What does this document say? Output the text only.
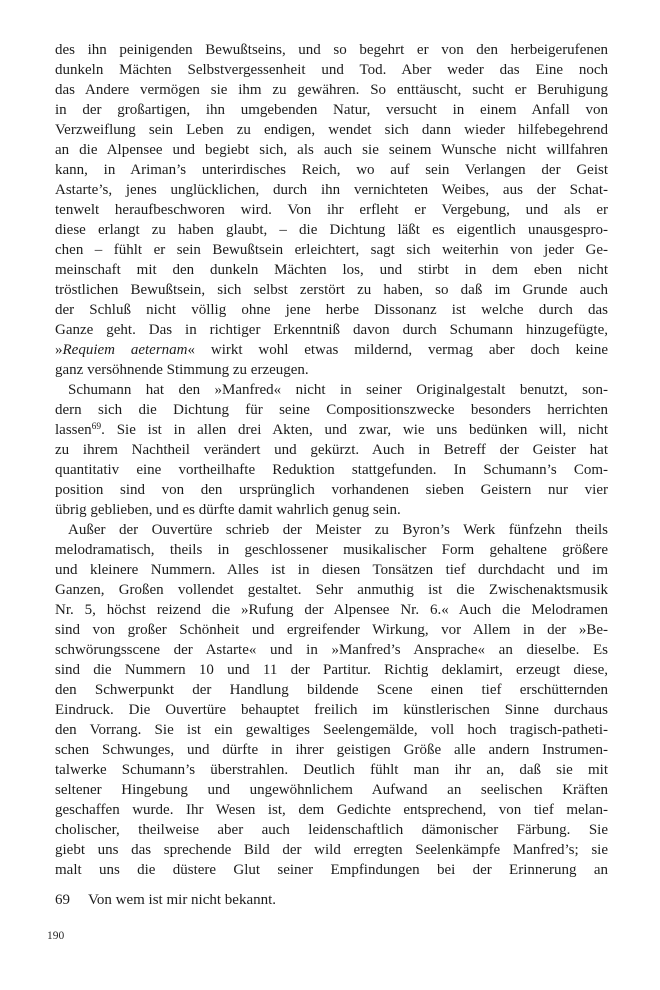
des ihn peinigenden Bewußtseins, und so begehrt er von den herbeigerufenen
dunkeln Mächten Selbstvergessenheit und Tod. Aber weder das Eine noch
das Andere vermögen sie ihm zu gewähren. So enttäuscht, sucht er Beruhigung
in der großartigen, ihn umgebenden Natur, versucht in einem Anfall von
Verzweiflung sein Leben zu endigen, wendet sich dann wieder hilfebegehrend
an die Alpensee und begiebt sich, als auch sie seinem Wunsche nicht willfahren
kann, in Ariman’s unterirdisches Reich, wo auf sein Verlangen der Geist
Astarte’s, jenes unglücklichen, durch ihn vernichteten Weibes, aus der Schat-
tenwelt heraufbeschworen wird. Von ihr erfleht er Vergebung, und als er
diese erlangt zu haben glaubt, – die Dichtung läßt es eigentlich unausgespro-
chen – fühlt er sein Bewußtsein erleichtert, sagt sich weiterhin von jeder Ge-
meinschaft mit den dunkeln Mächten los, und stirbt in dem eben nicht
tröstlichen Bewußtsein, sich selbst zerstört zu haben, so daß im Grunde auch
der Schluß nicht völlig ohne jene herbe Dissonanz ist welche durch das
Ganze geht. Das in richtiger Erkenntniß davon durch Schumann hinzugefügte,
»Requiem aeternam« wirkt wohl etwas mildernd, vermag aber doch keine
ganz versöhnende Stimmung zu erzeugen.
Schumann hat den »Manfred« nicht in seiner Originalgestalt benutzt, son-
dern sich die Dichtung für seine Compositionszwecke besonders herrichten
lassen$^{69}$. Sie ist in allen drei Akten, und zwar, wie uns bedünken will, nicht
zu ihrem Nachtheil verändert und gekürzt. Auch in Betreff der Geister hat
quantitativ eine vortheilhafte Reduktion stattgefunden. In Schumann’s Com-
position sind von den ursprünglich vorhandenen sieben Geistern nur vier
übrig geblieben, und es dürfte damit wahrlich genug sein.
Außer der Ouvertüre schrieb der Meister zu Byron’s Werk fünfzehn theils
melodramatisch, theils in geschlossener musikalischer Form gehaltene größere
und kleinere Nummern. Alles ist in diesen Tonsätzen tief durchdacht und im
Ganzen, Großen vollendet gestaltet. Sehr anmuthig ist die Zwischenaktsmusik
Nr. 5, höchst reizend die »Rufung der Alpensee Nr. 6.« Auch die Melodramen
sind von großer Schönheit und ergreifender Wirkung, vor Allem in der »Be-
schwörungsscene der Astarte« und in »Manfred’s Ansprache« an dieselbe. Es
sind die Nummern 10 und 11 der Partitur. Richtig deklamirt, erzeugt diese,
den Schwerpunkt der Handlung bildende Scene einen tief erschütternden
Eindruck. Die Ouvertüre behauptet freilich im künstlerischen Sinne durchaus
den Vorrang. Sie ist ein gewaltiges Seelengemälde, voll hoch tragisch-patheti-
schen Schwunges, und dürfte in ihrer geistigen Größe alle andern Instrumen-
talwerke Schumann’s überstrahlen. Deutlich fühlt man ihr an, daß sie mit
seltener Hingebung und ungewöhnlichem Aufwand an seelischen Kräften
geschaffen wurde. Ihr Wesen ist, dem Gedichte entsprechend, von tief melan-
cholischer, theilweise aber auch leidenschaftlich dämonischer Färbung. Sie
giebt uns das sprechende Bild der wild erregten Seelenkämpfe Manfred’s; sie
malt uns die düstere Glut seiner Empfindungen bei der Erinnerung an
69	Von wem ist mir nicht bekannt.
190
